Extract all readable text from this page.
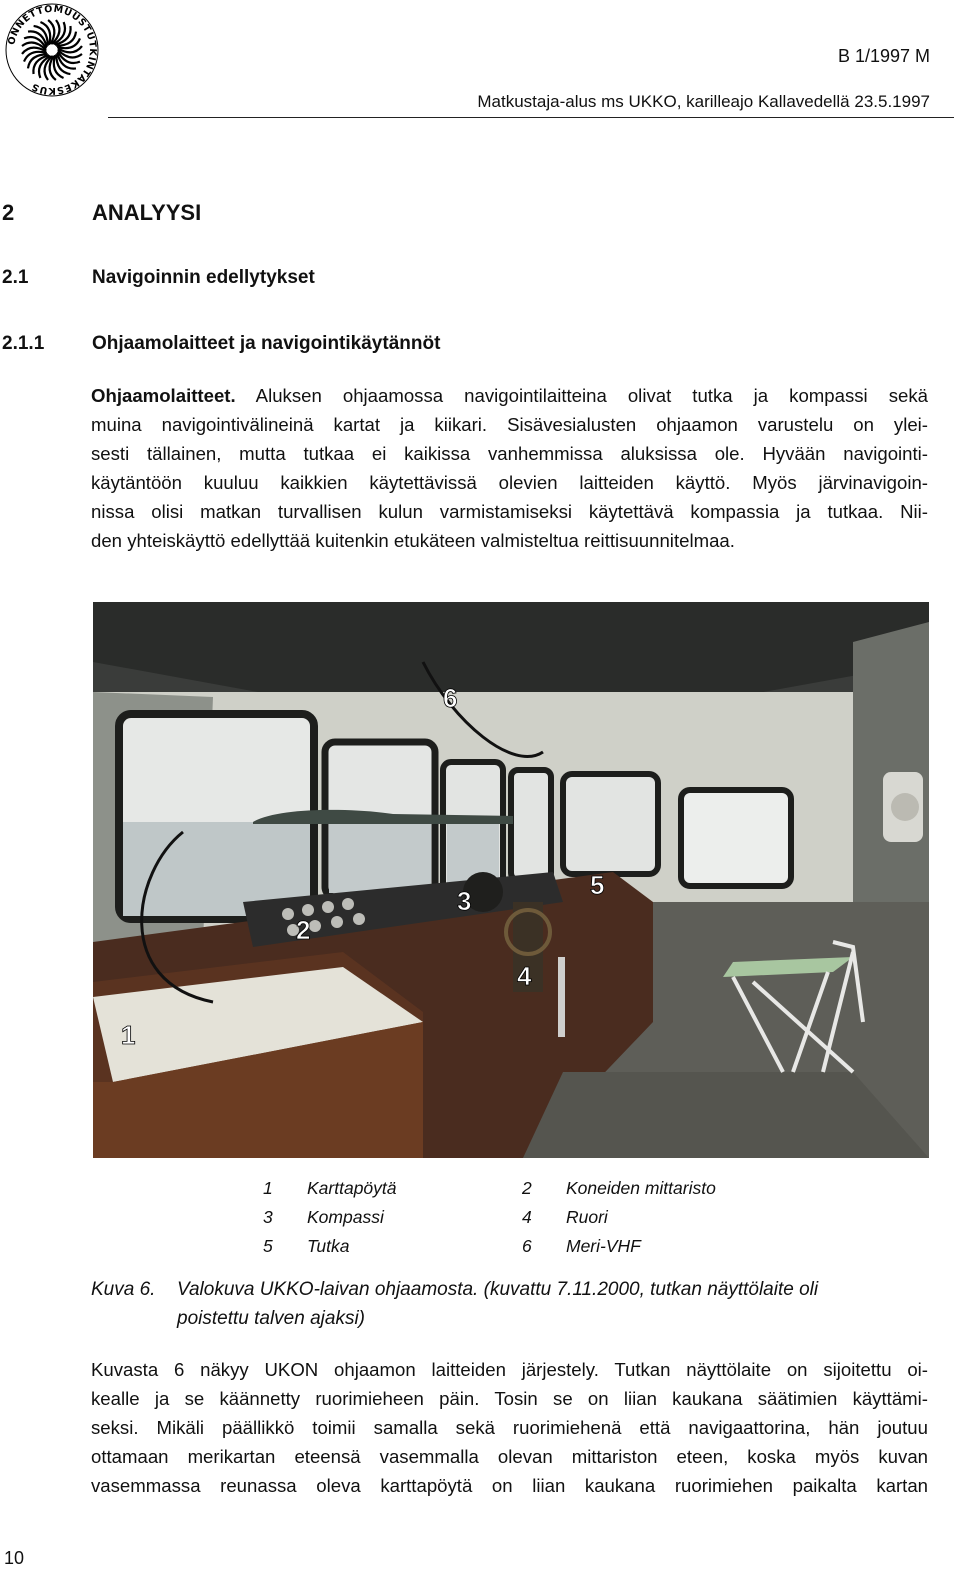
ONNETTOMUUSTUTKINTAKESKUS
B 1/1997 M
Matkustaja-alus ms UKKO, karilleajo Kallavedellä 23.5.1997
2	ANALYYSI
2.1	Navigoinnin edellytykset
2.1.1	Ohjaamolaitteet ja navigointikäytännöt
Ohjaamolaitteet. Aluksen ohjaamossa navigointilaitteina olivat tutka ja kompassi sekä
muina navigointivälineinä kartat ja kiikari. Sisävesialusten ohjaamon varustelu on ylei-
sesti tällainen, mutta tutkaa ei kaikissa vanhemmissa aluksissa ole. Hyvään navigointi-
käytäntöön kuuluu kaikkien käytettävissä olevien laitteiden käyttö. Myös järvinavigoin-
nissa olisi matkan turvallisen kulun varmistamiseksi käytettävä kompassia ja tutkaa. Nii-
den yhteiskäyttö edellyttää kuitenkin etukäteen valmisteltua reittisuunnitelmaa.
6
2
3
5
4
1
1 Karttapöytä	2 Koneiden mittaristo
3 Kompassi	4 Ruori
5 Tutka	6 Meri-VHF
Kuva 6. Valokuva UKKO-laivan ohjaamosta. (kuvattu 7.11.2000, tutkan näyttölaite oli
poistettu talven ajaksi)
Kuvasta 6 näkyy UKON ohjaamon laitteiden järjestely. Tutkan näyttölaite on sijoitettu oi-
kealle ja se käännetty ruorimieheen päin. Tosin se on liian kaukana säätimien käyttämi-
seksi. Mikäli päällikkö toimii samalla sekä ruorimiehenä että navigaattorina, hän joutuu
ottamaan merikartan eteensä vasemmalla olevan mittariston eteen, koska myös kuvan
vasemmassa reunassa oleva karttapöytä on liian kaukana ruorimiehen paikalta kartan
10
